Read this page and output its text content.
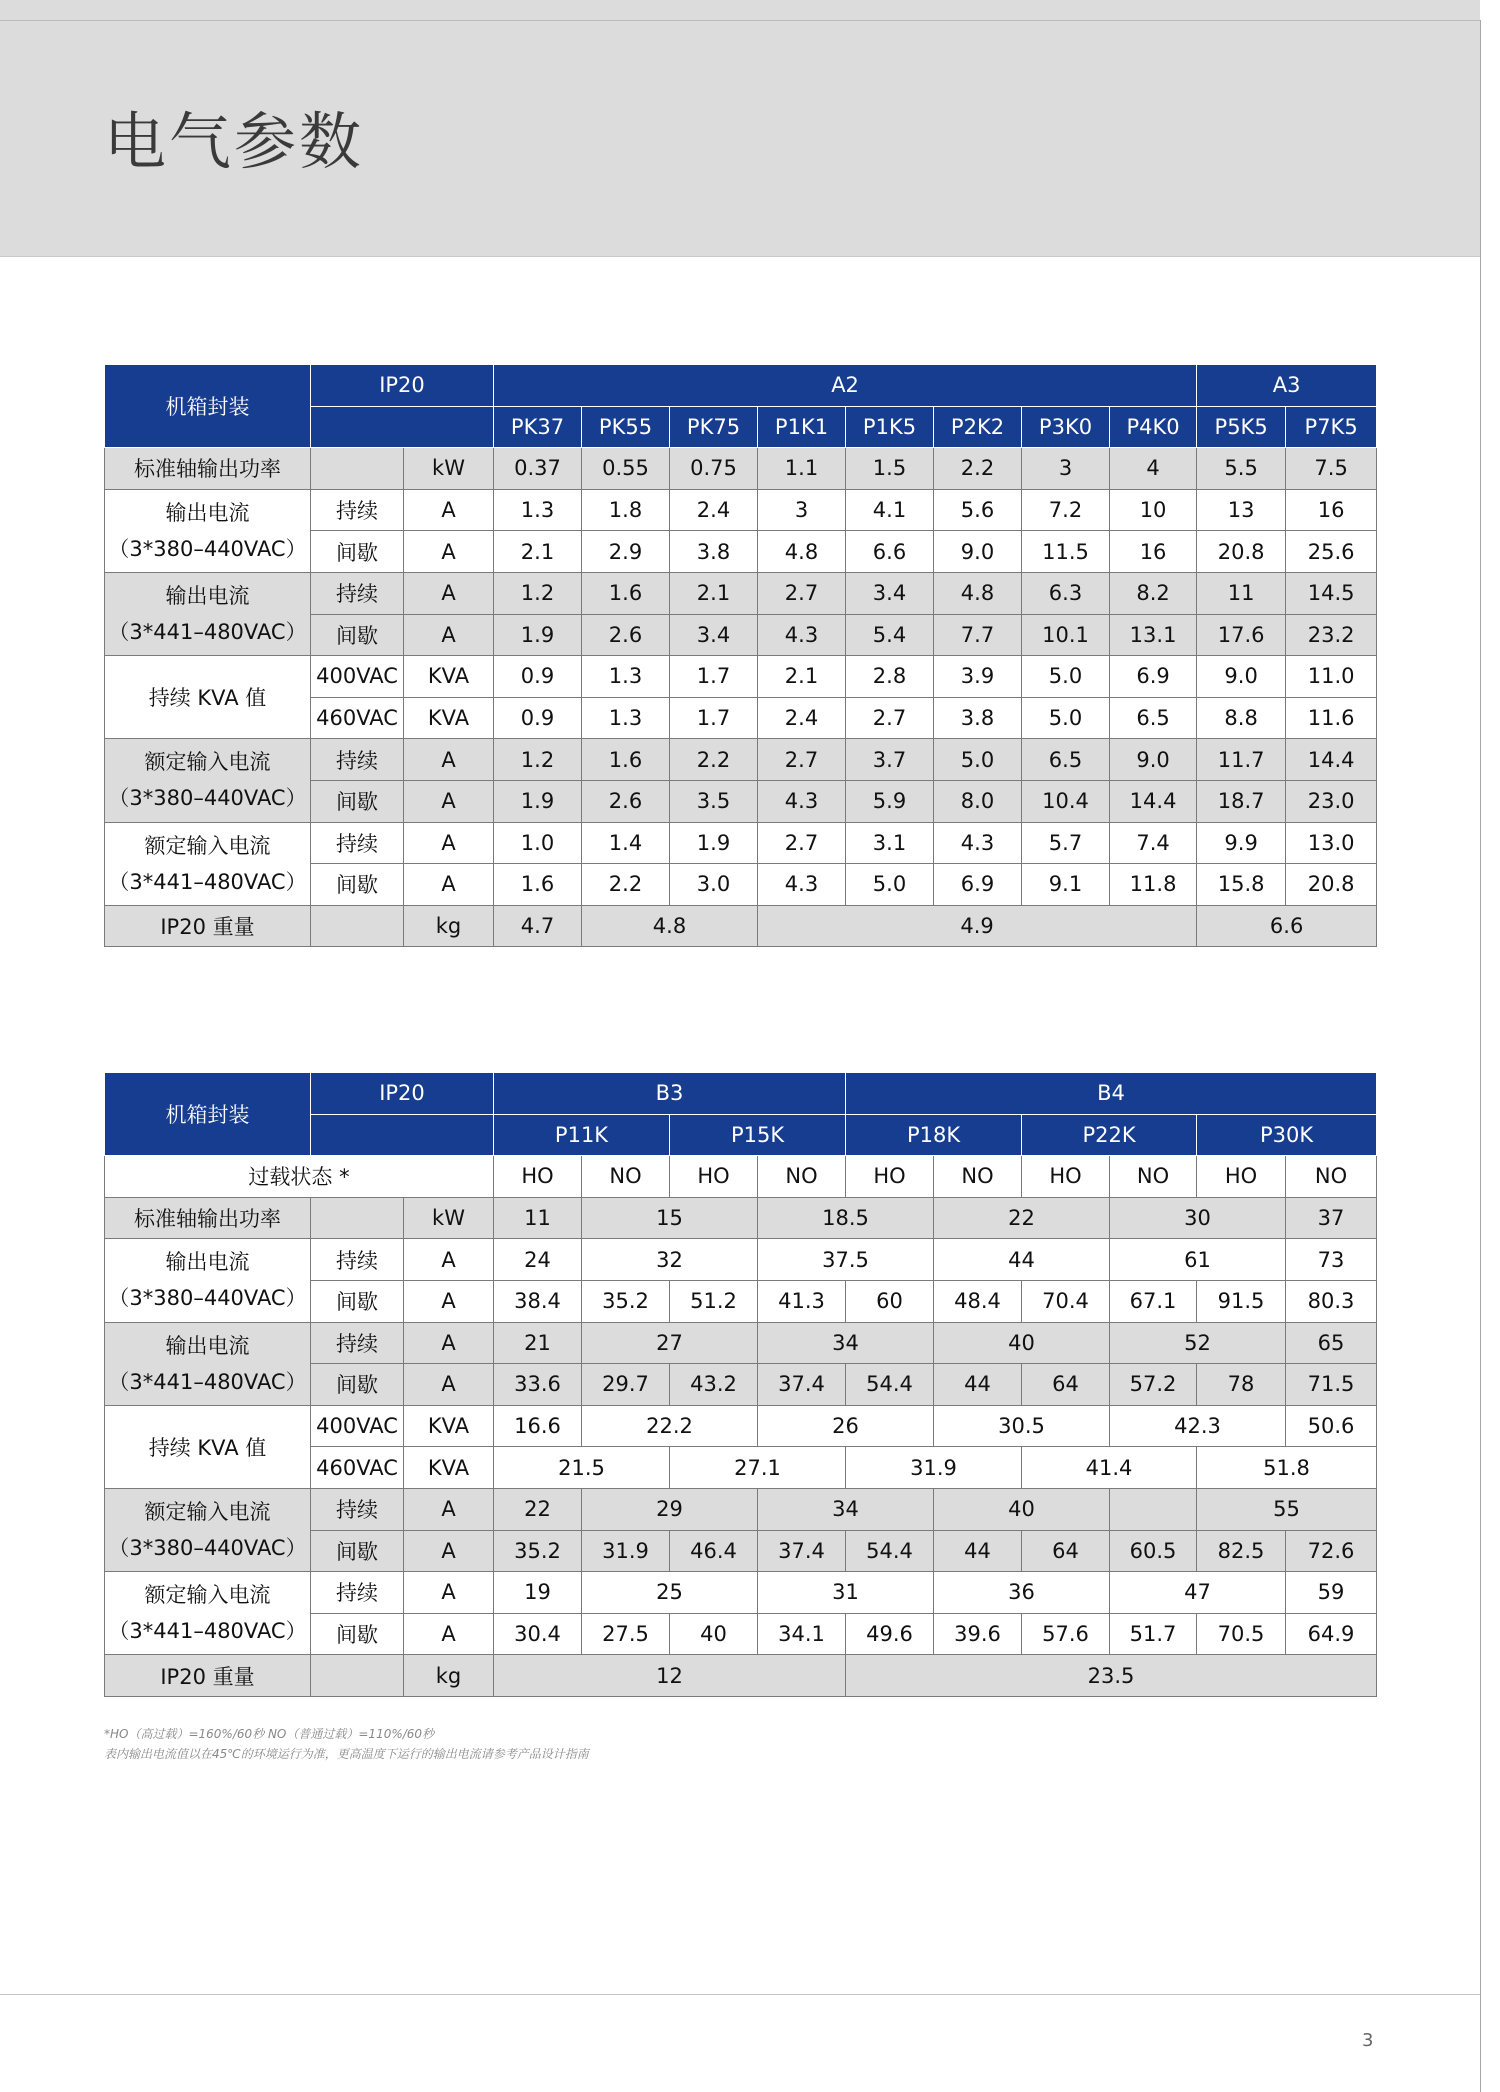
电气参数
机箱封装	IP20		A2								A3	
			PK37	PK55	PK75	P1K1	P1K5	P2K2	P3K0	P4K0	P5K5	P7K5
标准轴输出功率		kW	0.37	0.55	0.75	1.1	1.5	2.2	3	4	5.5	7.5

输出电流
（3*380–440VAC）	持续	A	1.3	1.8	2.4	3	4.1	5.6	7.2	10	13	16
	间歇	A	2.1	2.9	3.8	4.8	6.6	9.0	11.5	16	20.8	25.6

输出电流
（3*441–480VAC）	持续	A	1.2	1.6	2.1	2.7	3.4	4.8	6.3	8.2	11	14.5
	间歇	A	1.9	2.6	3.4	4.3	5.4	7.7	10.1	13.1	17.6	23.2
持续 KVA 值	400VAC	KVA	0.9	1.3	1.7	2.1	2.8	3.9	5.0	6.9	9.0	11.0
	460VAC	KVA	0.9	1.3	1.7	2.4	2.7	3.8	5.0	6.5	8.8	11.6

额定输入电流
（3*380–440VAC）	持续	A	1.2	1.6	2.2	2.7	3.7	5.0	6.5	9.0	11.7	14.4
	间歇	A	1.9	2.6	3.5	4.3	5.9	8.0	10.4	14.4	18.7	23.0

额定输入电流
（3*441–480VAC）	持续	A	1.0	1.4	1.9	2.7	3.1	4.3	5.7	7.4	9.9	13.0
	间歇	A	1.6	2.2	3.0	4.3	5.0	6.9	9.1	11.8	15.8	20.8
IP20 重量		kg	4.7	4.8		4.9					6.6	
机箱封装	IP20		B3				B4					
			P11K		P15K		P18K		P22K		P30K	
过载状态 *			HO	NO	HO	NO	HO	NO	HO	NO	HO	NO
标准轴输出功率		kW	11	15		18.5		22		30		37

输出电流
（3*380–440VAC）	持续	A	24	32		37.5		44		61		73
	间歇	A	38.4	35.2	51.2	41.3	60	48.4	70.4	67.1	91.5	80.3

输出电流
（3*441–480VAC）	持续	A	21	27		34		40		52		65
	间歇	A	33.6	29.7	43.2	37.4	54.4	44	64	57.2	78	71.5
持续 KVA 值	400VAC	KVA	16.6	22.2		26		30.5		42.3		50.6
	460VAC	KVA	21.5		27.1		31.9		41.4		51.8	

额定输入电流
（3*380–440VAC）	持续	A	22	29		34		40			55	
	间歇	A	35.2	31.9	46.4	37.4	54.4	44	64	60.5	82.5	72.6

额定输入电流
（3*441–480VAC）	持续	A	19	25		31		36		47		59
	间歇	A	30.4	27.5	40	34.1	49.6	39.6	57.6	51.7	70.5	64.9
IP20 重量		kg	12				23.5					
*HO（高过载）=160%/60秒 NO（普通过载）=110%/60秒
表内输出电流值以在45℃的环境运行为准，更高温度下运行的输出电流请参考产品设计指南
3
